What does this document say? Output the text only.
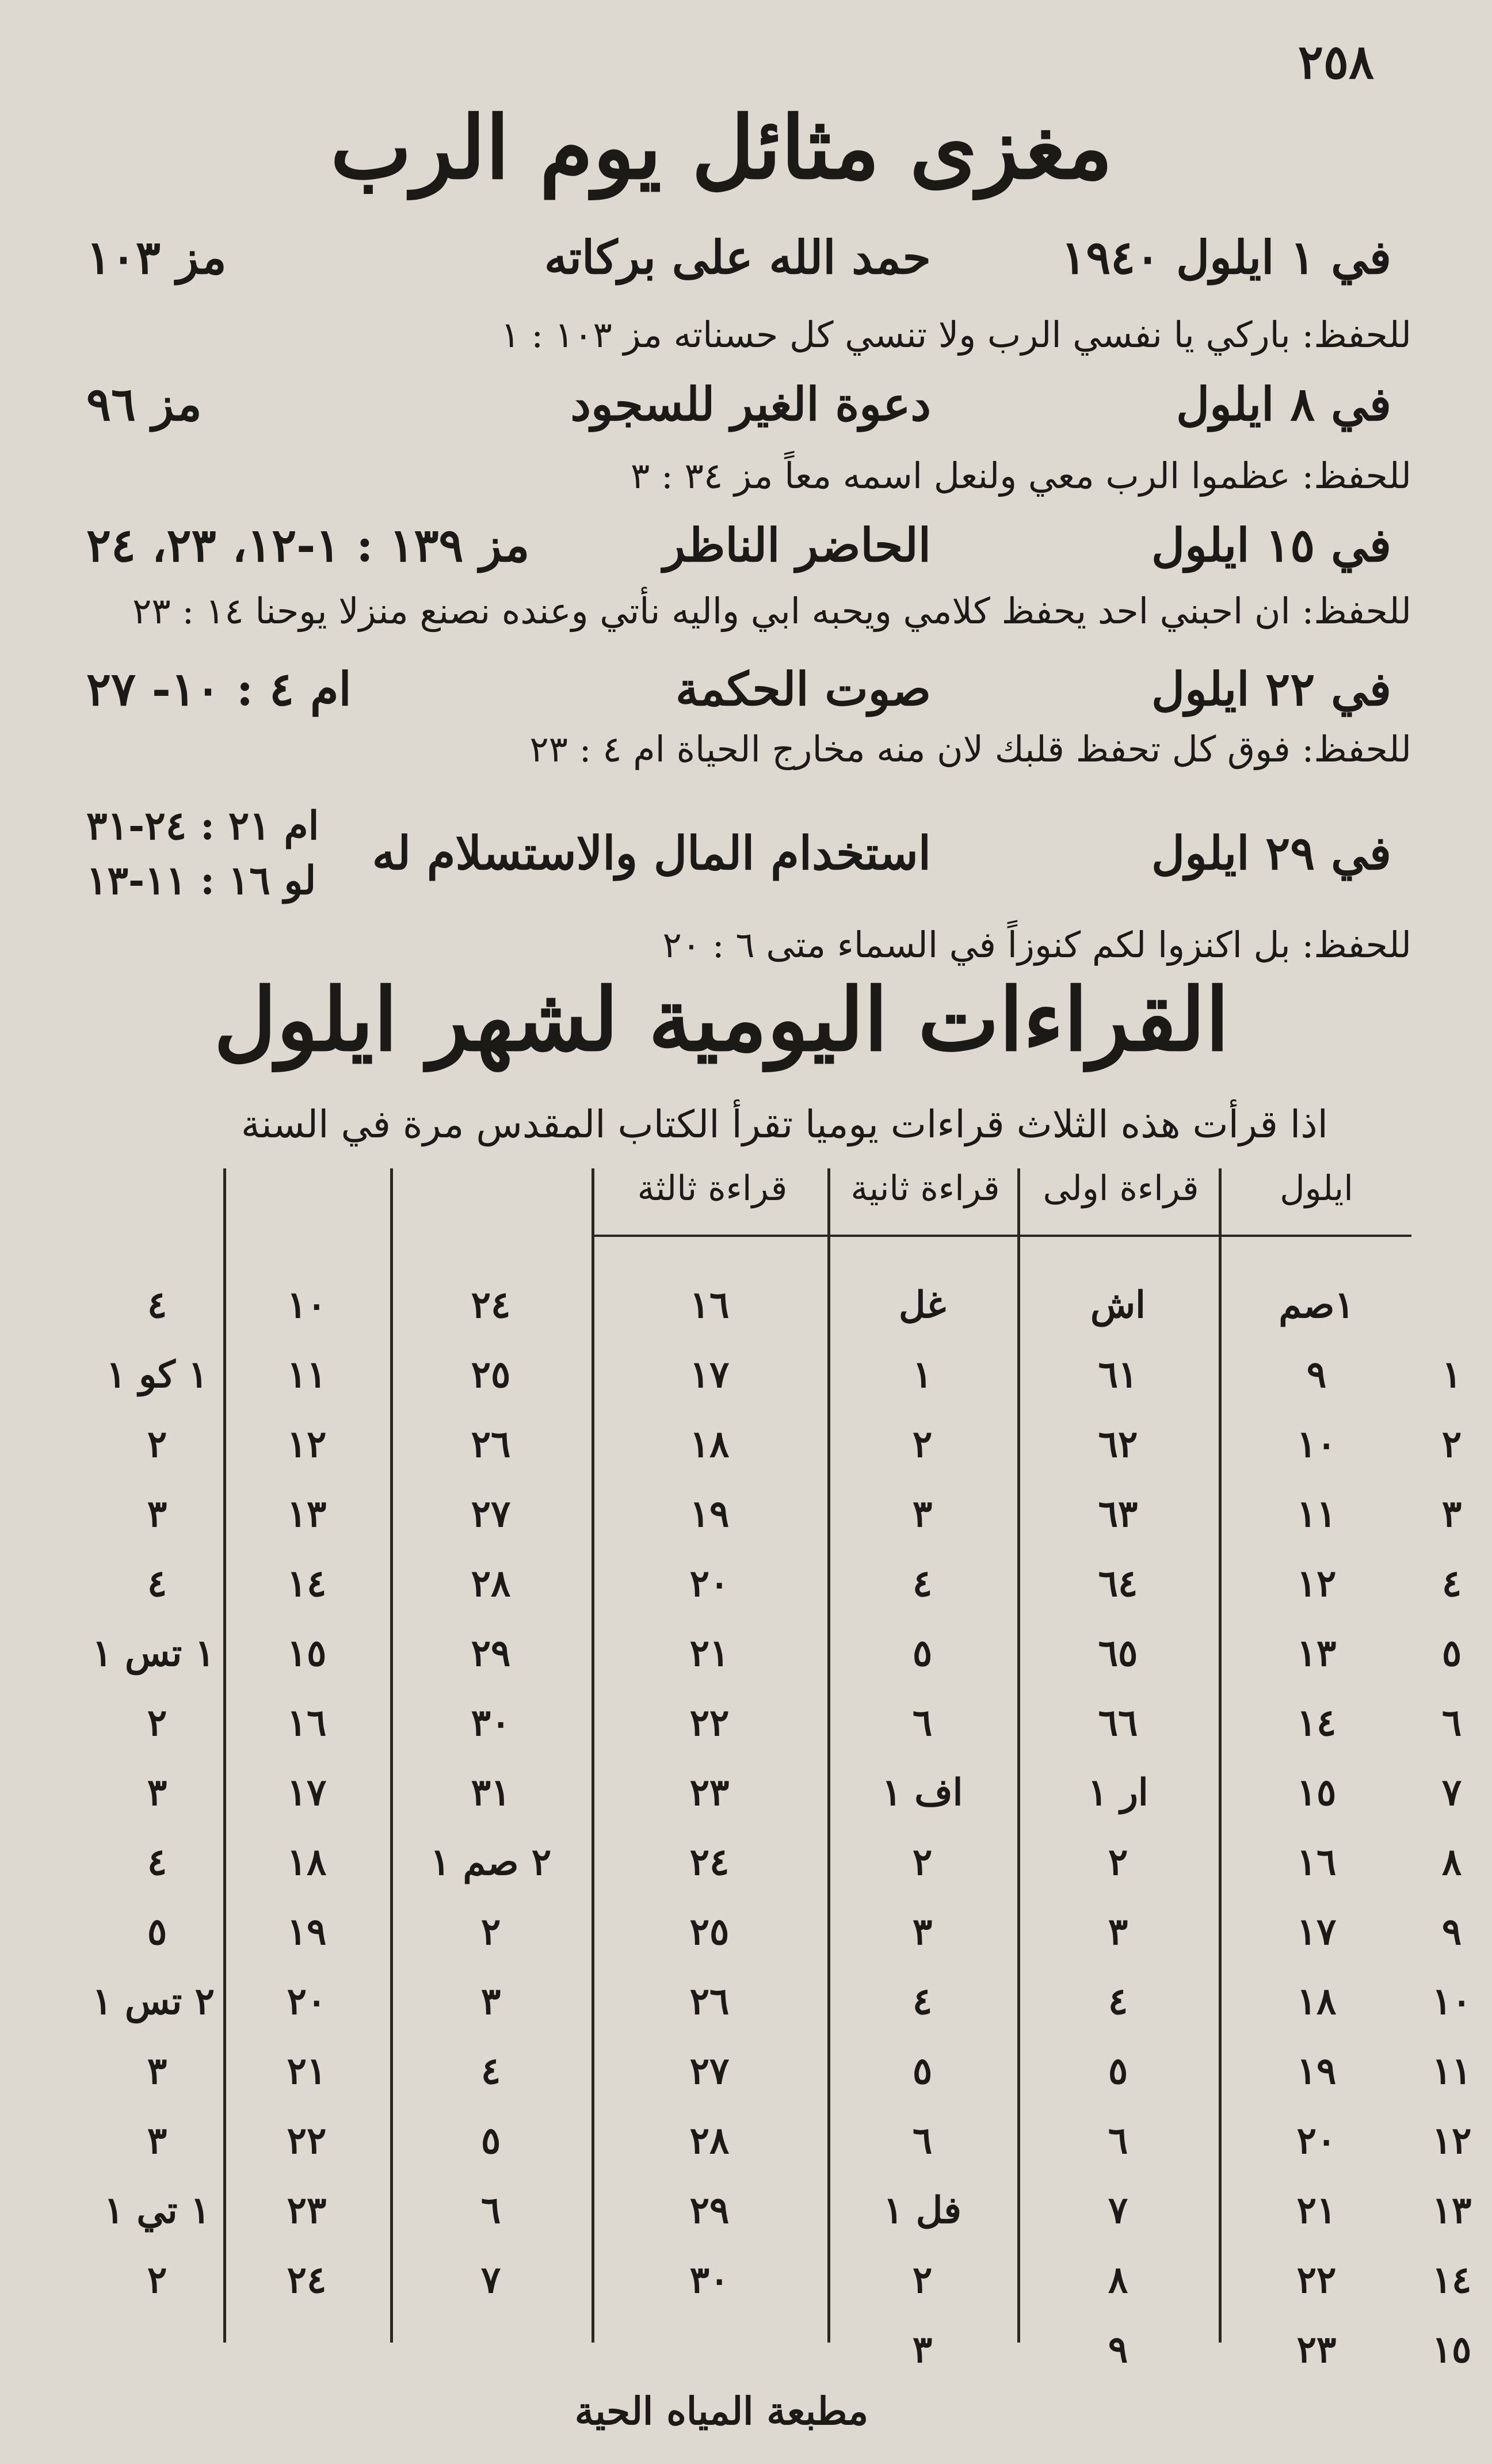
٢٥٨
مغزى مثائل يوم الرب
في ١ ايلول ١٩٤٠
حمد الله على بركاته
مز ١٠٣
للحفظ: باركي يا نفسي الرب ولا تنسي كل حسناته مز ١٠٣ : ١
في ٨ ايلول
دعوة الغير للسجود
مز ٩٦
للحفظ: عظموا الرب معي ولنعل اسمه معاً مز ٣٤ : ٣
في ١٥ ايلول
الحاضر الناظر
مز ١٣٩ : ١-١٢، ٢٣، ٢٤
للحفظ: ان احبني احد يحفظ كلامي ويحبه ابي واليه نأتي وعنده نصنع منزلا يوحنا ١٤ : ٢٣
في ٢٢ ايلول
صوت الحكمة
ام ٤ : ١٠- ٢٧
للحفظ: فوق كل تحفظ قلبك لان منه مخارج الحياة ام ٤ : ٢٣
في ٢٩ ايلول
استخدام المال والاستسلام له
ام ٢١ : ٢٤-٣١
لو ١٦ : ١١-١٣
للحفظ: بل اكنزوا لكم كنوزاً في السماء متى ٦ : ٢٠
القراءات اليومية لشهر ايلول
اذا قرأت هذه الثلاث قراءات يوميا تقرأ الكتاب المقدس مرة في السنة
ايلول
قراءة اولى
قراءة ثانية
قراءة ثالثة
١صم
اش
غل
١٦
٢٤
١٠
٤
١
٩
٦١
١
١٧
٢٥
١١
١ كو ١
٢
١٠
٦٢
٢
١٨
٢٦
١٢
٢
٣
١١
٦٣
٣
١٩
٢٧
١٣
٣
٤
١٢
٦٤
٤
٢٠
٢٨
١٤
٤
٥
١٣
٦٥
٥
٢١
٢٩
١٥
١ تس ١
٦
١٤
٦٦
٦
٢٢
٣٠
١٦
٢
٧
١٥
ار ١
اف ١
٢٣
٣١
١٧
٣
٨
١٦
٢
٢
٢٤
٢ صم ١
١٨
٤
٩
١٧
٣
٣
٢٥
٢
١٩
٥
١٠
١٨
٤
٤
٢٦
٣
٢٠
٢ تس ١
١١
١٩
٥
٥
٢٧
٤
٢١
٣
١٢
٢٠
٦
٦
٢٨
٥
٢٢
٣
١٣
٢١
٧
فل ١
٢٩
٦
٢٣
١ تي ١
١٤
٢٢
٨
٢
٣٠
٧
٢٤
٢
١٥
٢٣
٩
٣
مطبعة المياه الحية
